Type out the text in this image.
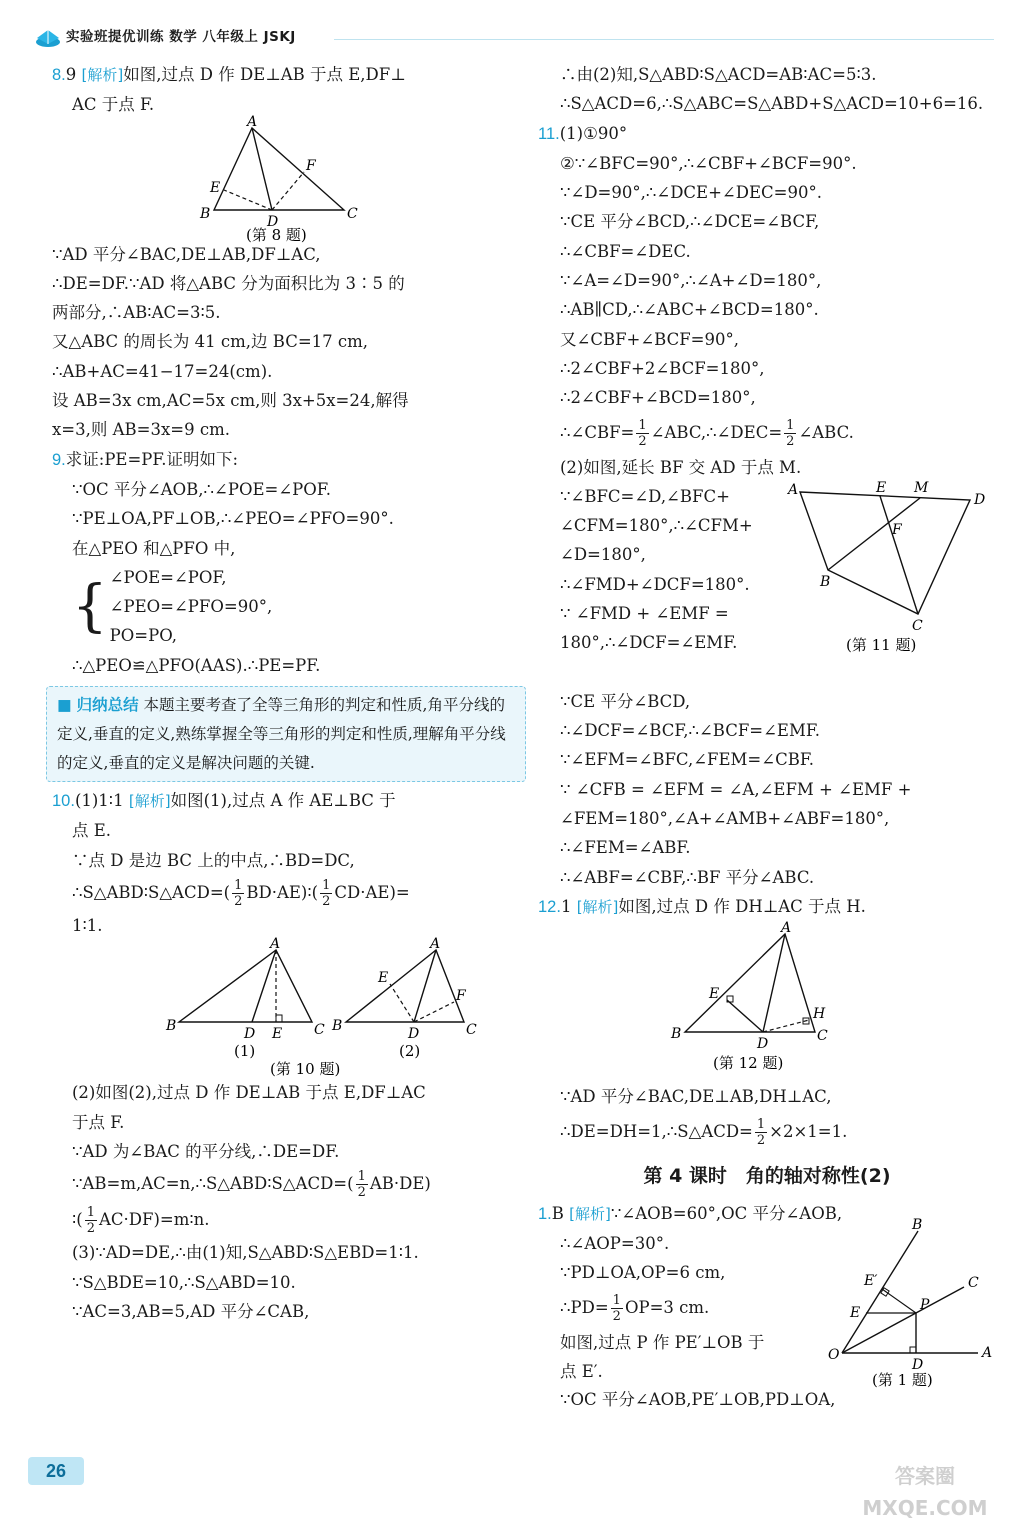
实验班提优训练 数学 八年级上 JSKJ
8.9 [解析]如图,过点 D 作 DE⊥AB 于点 E,DF⊥
AC 于点 F.
A
B	C
D
E
F
(第 8 题)
∵AD 平分∠BAC,DE⊥AB,DF⊥AC,
∴DE=DF.∵AD 将△ABC 分为面积比为 3∶5 的
两部分,∴AB∶AC=3∶5.
又△ABC 的周长为 41 cm,边 BC=17 cm,
∴AB+AC=41−17=24(cm).
设 AB=3x cm,AC=5x cm,则 3x+5x=24,解得
x=3,则 AB=3x=9 cm.
9.求证:PE=PF.证明如下:
∵OC 平分∠AOB,∴∠POE=∠POF.
∵PE⊥OA,PF⊥OB,∴∠PEO=∠PFO=90°.
在△PEO 和△PFO 中,
{ ∠POE=∠POF,
∠PEO=∠PFO=90°,
PO=PO,
∴△PEO≌△PFO(AAS).∴PE=PF.
■ 归纳总结 本题主要考查了全等三角形的判定和性质,角平分线的定义,垂直的定义,熟练掌握全等三角形的判定和性质,理解角平分线的定义,垂直的定义是解决问题的关键.
10.(1)1∶1 [解析]如图(1),过点 A 作 AE⊥BC 于
点 E.
∵点 D 是边 BC 上的中点,∴BD=DC,
∴S△ABD∶S△ACD=( $\frac{1}{2}$ BD·AE)∶( $\frac{1}{2} CD\cdot AE)=$
1∶1.
A
B	C
D E
(1)
A
B	C
D
E
F
(2)
(第 10 题)
(2)如图(2),过点 D 作 DE⊥AB 于点 E,DF⊥AC
于点 F.
∵AD 为∠BAC 的平分线,∴DE=DF.
∵AB=m,AC=n,∴S△ABD∶S△ACD=( $\frac{1}{2} AB\cdot DE$)
∶( $\frac{1}{2}$ AC·DF)=m∶n.
(3)∵AD=DE,∴由(1)知,S△ABD∶S△EBD=1∶1.
∵S△BDE=10,∴S△ABD=10.
∵AC=3,AB=5,AD 平分∠CAB,
∴由(2)知,S△ABD∶S△ACD=AB∶AC=5∶3.
∴S△ACD=6,∴S△ABC=S△ABD+S△ACD=10+6=16.
11.(1)①90°
②∵∠BFC=90°,∴∠CBF+∠BCF=90°.
∵∠D=90°,∴∠DCE+∠DEC=90°.
∵CE 平分∠BCD,∴∠DCE=∠BCF,
∴∠CBF=∠DEC.
∵∠A=∠D=90°,∴∠A+∠D=180°,
∴AB∥CD,∴∠ABC+∠BCD=180°.
又∠CBF+∠BCF=90°,
∴2∠CBF+2∠BCF=180°,
∴2∠CBF+∠BCD=180°,
∴∠CBF= $\frac{1}{2}$ ∠ABC,∴∠DEC= $\frac{1}{2}$ ∠ABC.
(2)如图,延长 BF 交 AD 于点 M.
∵∠BFC=∠D,∠BFC+
∠CFM=180°,∴∠CFM+
∠D=180°,
∴∠FMD+∠DCF=180°.
∵ ∠FMD + ∠EMF =
180°,∴∠DCF=∠EMF.
A
D
E M
F
B
C
(第 11 题)
∵CE 平分∠BCD,
∴∠DCF=∠BCF,∴∠BCF=∠EMF.
∵∠EFM=∠BFC,∠FEM=∠CBF.
∵ ∠CFB = ∠EFM = ∠A,∠EFM + ∠EMF +
∠FEM=180°,∠A+∠AMB+∠ABF=180°,
∴∠FEM=∠ABF.
∴∠ABF=∠CBF,∴BF 平分∠ABC.
12.1 [解析]如图,过点 D 作 DH⊥AC 于点 H.
A
B	C
D
E
H
(第 12 题)
∵AD 平分∠BAC,DE⊥AB,DH⊥AC,
∴DE=DH=1,∴S△ACD= $\frac{1}{2} \times 2\times 1=1$.
第 4 课时　角的轴对称性(2)
1.B [解析]∵∠AOB=60°,OC 平分∠AOB,
∴∠AOP=30°.
∵PD⊥OA,OP=6 cm,
∴PD= $\frac{1}{2} OP=3$ cm.
如图,过点 P 作 PE′⊥OB 于
点 E′.
B
C
A
O
P
D
E
E′
(第 1 题)
∵OC 平分∠AOB,PE′⊥OB,PD⊥OA,
26	答案圈 MXQE.COM
